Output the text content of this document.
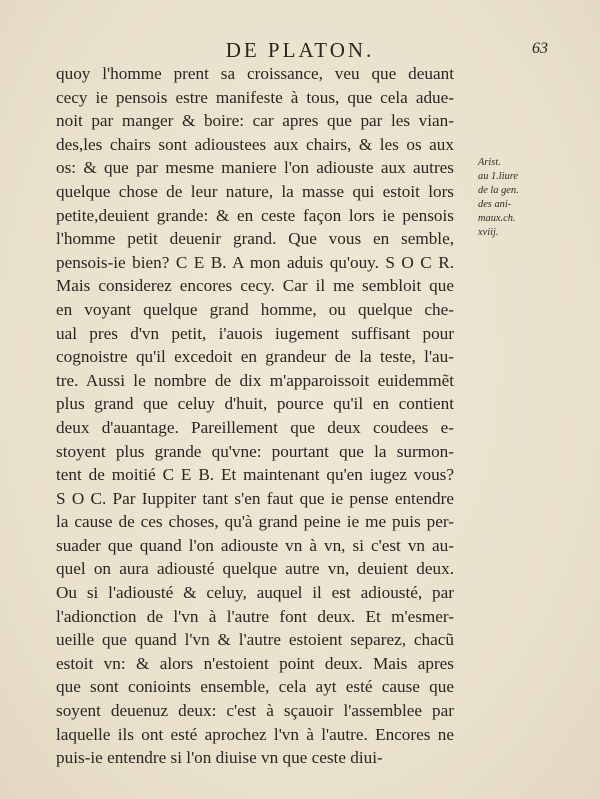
DE PLATON.	63
quoy l'homme prent sa croissance, veu que deuant
cecy ie pensois estre manifeste à tous, que cela adue-
noit par manger & boire: car apres que par les vian-
des,les chairs sont adioustees aux chairs, & les os aux
os: & que par mesme maniere l'on adiouste aux autres
quelque chose de leur nature, la masse qui estoit lors
petite,deuient grande: & en ceste façon lors ie pensois
l'homme petit deuenir grand. Que vous en semble,
pensois-ie bien? C E B. A mon aduis qu'ouy. S O C R.
Mais considerez encores cecy. Car il me sembloit que
en voyant quelque grand homme, ou quelque che-
ual pres d'vn petit, i'auois iugement suffisant pour
cognoistre qu'il excedoit en grandeur de la teste, l'au-
tre. Aussi le nombre de dix m'apparoissoit euidemmẽt
plus grand que celuy d'huit, pource qu'il en contient
deux d'auantage. Pareillement que deux coudees e-
stoyent plus grande qu'vne: pourtant que la surmon-
tent de moitié C E B. Et maintenant qu'en iugez vous?
S O C. Par Iuppiter tant s'en faut que ie pense entendre
la cause de ces choses, qu'à grand peine ie me puis per-
suader que quand l'on adiouste vn à vn, si c'est vn au-
quel on aura adiousté quelque autre vn, deuient deux.
Ou si l'adiousté & celuy, auquel il est adiousté, par
l'adionction de l'vn à l'autre font deux. Et m'esmer-
ueille que quand l'vn & l'autre estoient separez, chacũ
estoit vn: & alors n'estoient point deux. Mais apres
que sont conioints ensemble, cela ayt esté cause que
soyent deuenuz deux: c'est à sçauoir l'assemblee par
laquelle ils ont esté aprochez l'vn à l'autre. Encores ne
puis-ie entendre si l'on diuise vn que ceste diui-
Arist.
au 1.liure
de la gen.
des ani-
maux.ch.
xviij.
